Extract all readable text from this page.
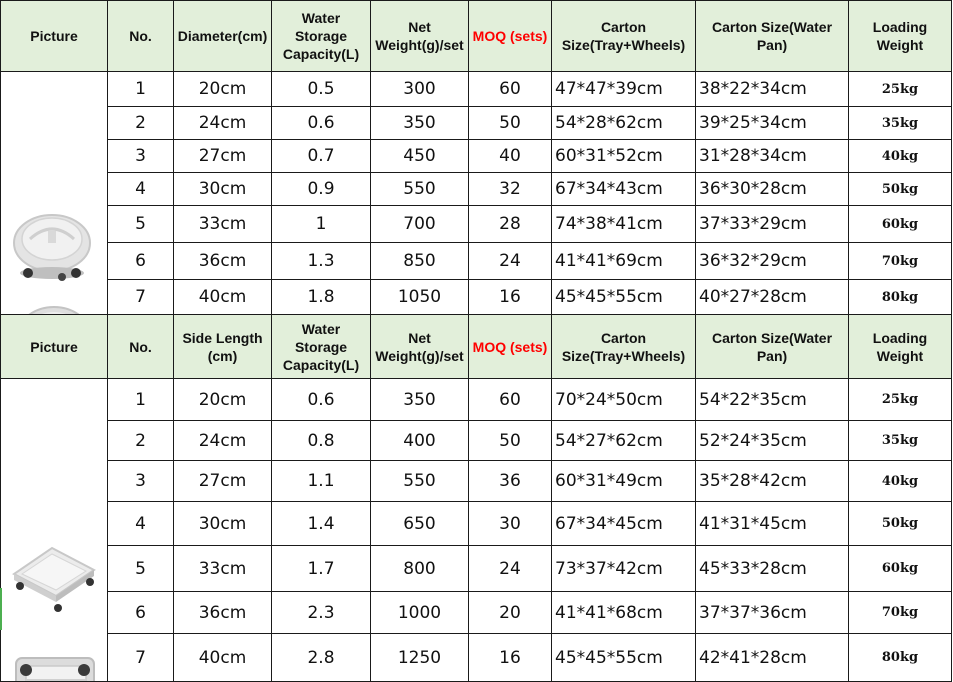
Picture	No.	Diameter(cm)	Water Storage Capacity(L)	Net Weight(g)/set	MOQ (sets)	Carton Size(Tray+Wheels)	Carton Size(Water Pan)	Loading Weight

	1	20cm	0.5	300	60	47*47*39cm	38*22*34cm	25kg
	2	24cm	0.6	350	50	54*28*62cm	39*25*34cm	35kg
	3	27cm	0.7	450	40	60*31*52cm	31*28*34cm	40kg
	4	30cm	0.9	550	32	67*34*43cm	36*30*28cm	50kg
	5	33cm	1	700	28	74*38*41cm	37*33*29cm	60kg
	6	36cm	1.3	850	24	41*41*69cm	36*32*29cm	70kg
	7	40cm	1.8	1050	16	45*45*55cm	40*27*28cm	80kg
Picture	No.	Side Length (cm)	Water Storage Capacity(L)	Net Weight(g)/set	MOQ (sets)	Carton Size(Tray+Wheels)	Carton Size(Water Pan)	Loading Weight

	1	20cm	0.6	350	60	70*24*50cm	54*22*35cm	25kg
	2	24cm	0.8	400	50	54*27*62cm	52*24*35cm	35kg
	3	27cm	1.1	550	36	60*31*49cm	35*28*42cm	40kg
	4	30cm	1.4	650	30	67*34*45cm	41*31*45cm	50kg
	5	33cm	1.7	800	24	73*37*42cm	45*33*28cm	60kg
	6	36cm	2.3	1000	20	41*41*68cm	37*37*36cm	70kg
	7	40cm	2.8	1250	16	45*45*55cm	42*41*28cm	80kg
